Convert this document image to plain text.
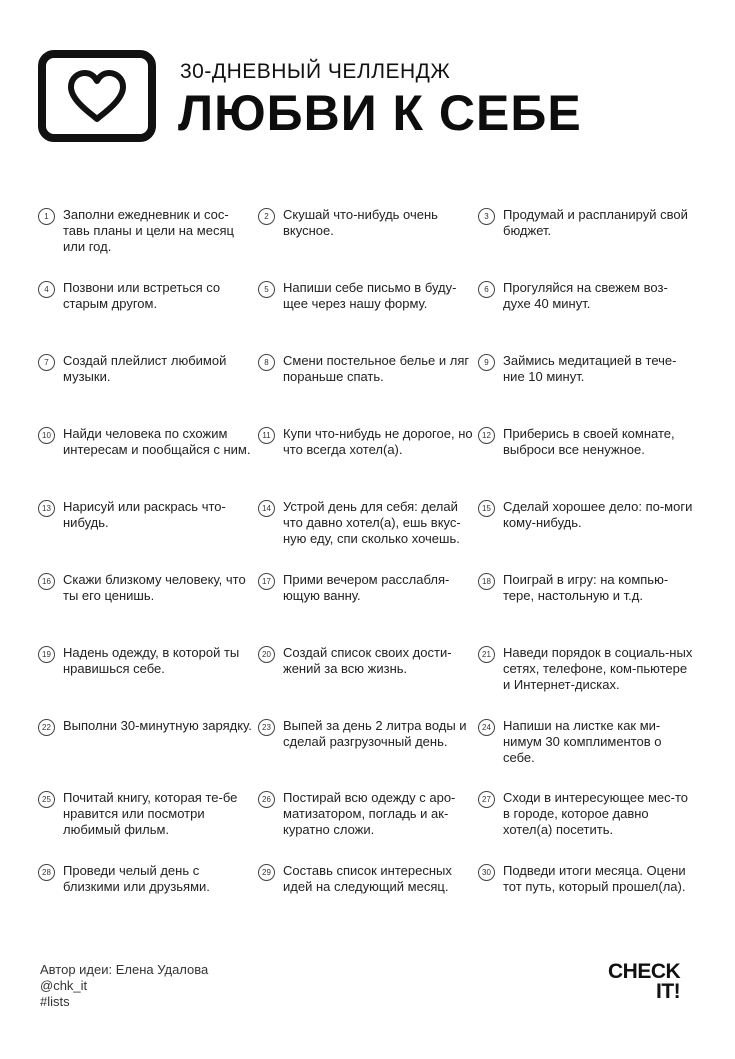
30-ДНЕВНЫЙ ЧЕЛЛЕНДЖ
ЛЮБВИ К СЕБЕ
1	Заполни ежедневник и сос-тавь планы и цели на месяц или год.
2	Скушай что-нибудь очень вкусное.
3	Продумай и распланируй свой бюджет.
4	Позвони или встреться со старым другом.
5	Напиши себе письмо в буду-щее через нашу форму.
6	Прогуляйся на свежем воз-духе 40 минут.
7	Создай плейлист любимой музыки.
8	Смени постельное белье и ляг пораньше спать.
9	Займись медитацией в тече-ние 10 минут.
10 Найди человека по схожим интересам и пообщайся с ним.
11 Купи что-нибудь не дорогое, но что всегда хотел(а).
12 Приберись в своей комнате, выброси все ненужное.
13 Нарисуй или раскрась что-нибудь.
14 Устрой день для себя: делай что давно хотел(а), ешь вкус-ную еду, спи сколько хочешь.
15 Сделай хорошее дело: по-моги кому-нибудь.
16 Скажи близкому человеку, что ты его ценишь.
17 Прими вечером расслабля-ющую ванну.
18 Поиграй в игру: на компью-тере, настольную и т.д.
19 Надень одежду, в которой ты нравишься себе.
20 Создай список своих дости-жений за всю жизнь.
21 Наведи порядок в социаль-ных сетях, телефоне, ком-пьютере и Интернет-дисках.
22 Выполни 30-минутную зарядку.	23 Выпей за день 2 литра воды и сделай разгрузочный день.
24 Напиши на листке как ми-нимум 30 комплиментов о себе.
25 Почитай книгу, которая те-бе нравится или посмотри любимый фильм.
26 Постирай всю одежду с аро-матизатором, погладь и ак-куратно сложи.
27 Сходи в интересующее мес-то в городе, которое давно хотел(а) посетить.
28 Проведи челый день с близкими или друзьями.
29 Составь список интересных идей на следующий месяц.
30 Подведи итоги месяца. Оцени тот путь, который прошел(ла).
Автор идеи: Елена Удалова
@chk_it
#lists
CHECK
IT!
